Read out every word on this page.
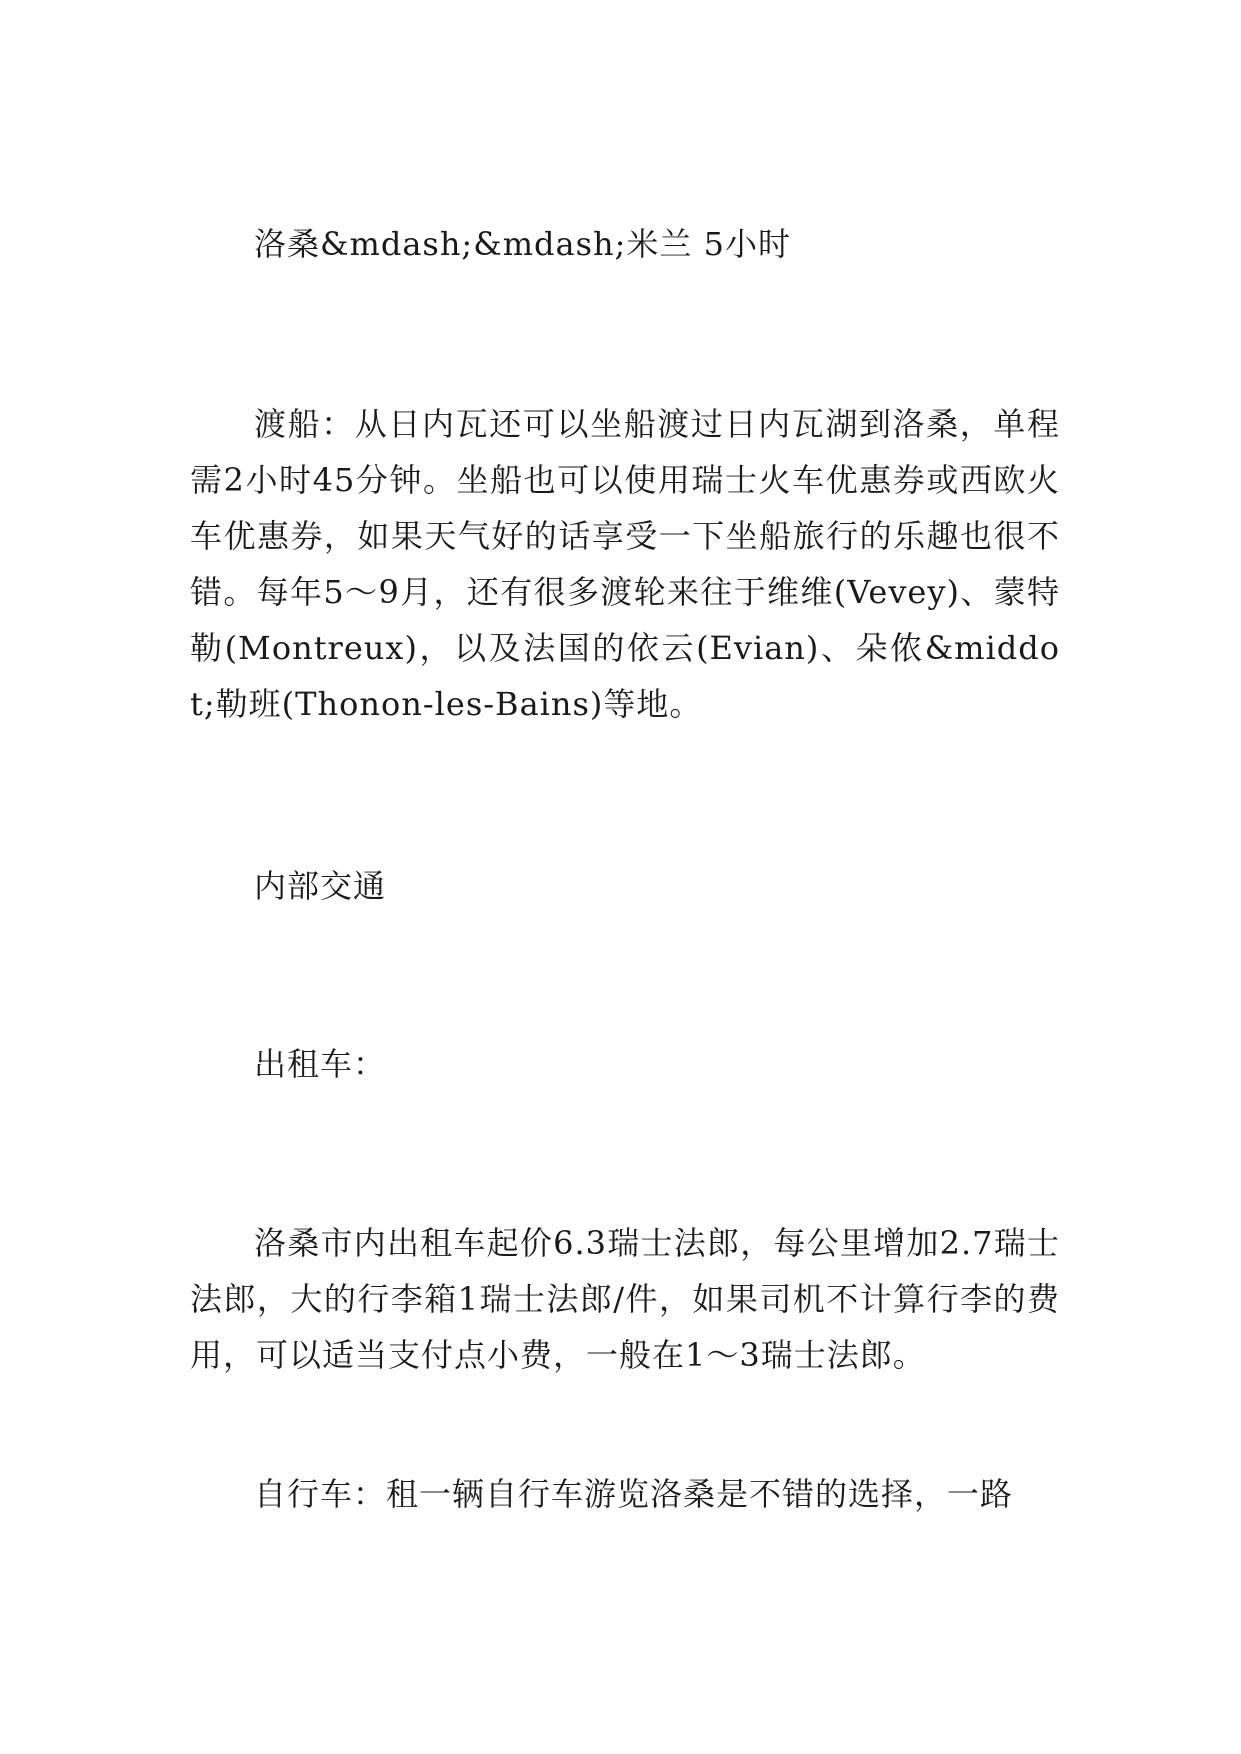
洛桑&mdash;&mdash;米兰 5小时

渡船：从日内瓦还可以坐船渡过日内瓦湖到洛桑，单程需2小时45分钟。坐船也可以使用瑞士火车优惠券或西欧火车优惠券，如果天气好的话享受一下坐船旅行的乐趣也很不错。每年5～9月，还有很多渡轮来往于维维(Vevey)、蒙特勒(Montreux)，以及法国的依云(Evian)、朵侬&middot;勒班(Thonon-les-Bains)等地。

内部交通

出租车：

洛桑市内出租车起价6.3瑞士法郎，每公里增加2.7瑞士法郎，大的行李箱1瑞士法郎/件，如果司机不计算行李的费用，可以适当支付点小费，一般在1～3瑞士法郎。

自行车：租一辆自行车游览洛桑是不错的选择，一路
